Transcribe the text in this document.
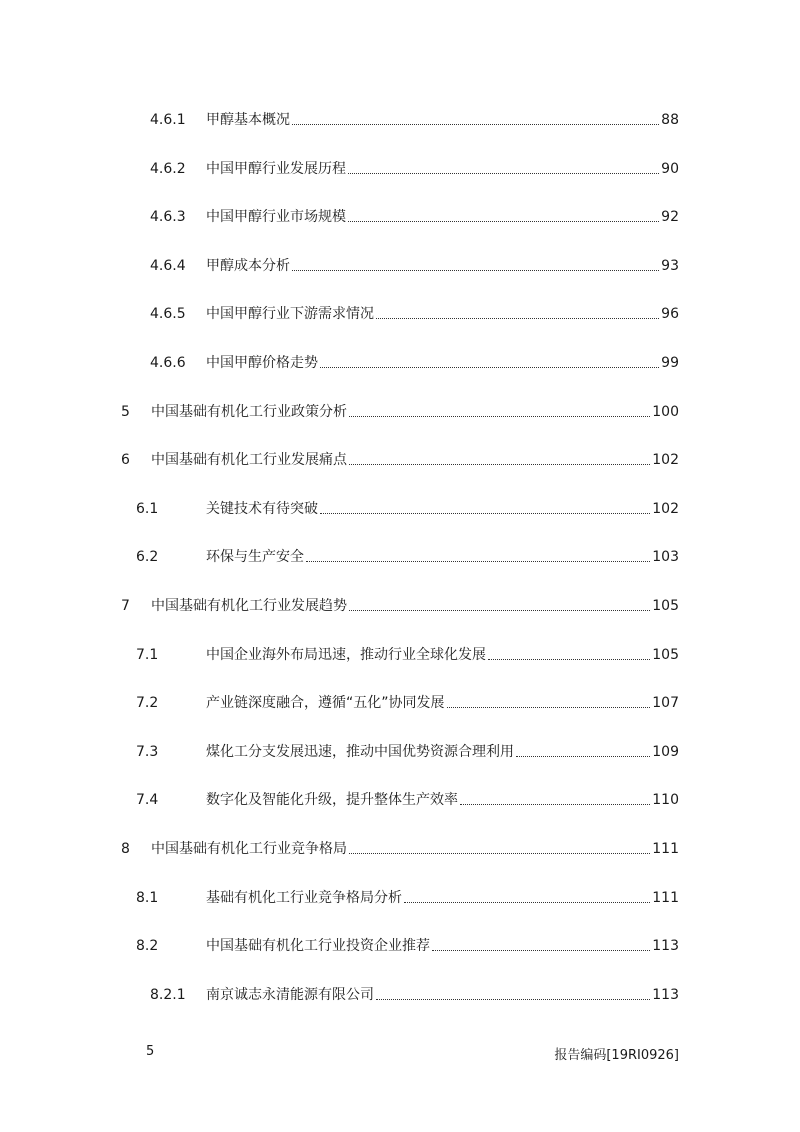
4.6.1	甲醇基本概况	88
4.6.2	中国甲醇行业发展历程	90
4.6.3	中国甲醇行业市场规模	92
4.6.4	甲醇成本分析	93
4.6.5	中国甲醇行业下游需求情况	96
4.6.6	中国甲醇价格走势	99
5	中国基础有机化工行业政策分析	100
6	中国基础有机化工行业发展痛点	102
6.1	关键技术有待突破	102
6.2	环保与生产安全	103
7	中国基础有机化工行业发展趋势	105
7.1	中国企业海外布局迅速，推动行业全球化发展	105
7.2	产业链深度融合，遵循“五化”协同发展	107
7.3	煤化工分支发展迅速，推动中国优势资源合理利用	109
7.4	数字化及智能化升级，提升整体生产效率	110
8	中国基础有机化工行业竞争格局	111
8.1	基础有机化工行业竞争格局分析	111
8.2	中国基础有机化工行业投资企业推荐	113
8.2.1	南京诚志永清能源有限公司	113
5	报告编码[19RI0926]
